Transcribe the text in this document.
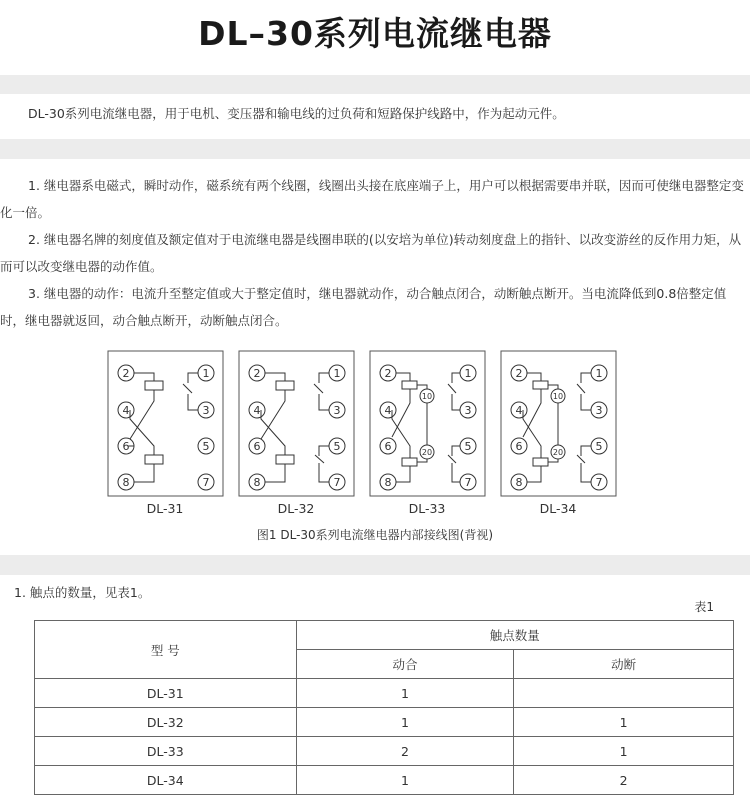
DL–30系列电流继电器
DL-30系列电流继电器，用于电机、变压器和输电线的过负荷和短路保护线路中，作为起动元件。
1. 继电器系电磁式，瞬时动作，磁系统有两个线圈，线圈出头接在底座端子上，用户可以根据需要串并联，因而可使继电器整定变化一倍。
2. 继电器名牌的刻度值及额定值对于电流继电器是线圈串联的(以安培为单位)转动刻度盘上的指针、以改变游丝的反作用力矩，从而可以改变继电器的动作值。
3. 继电器的动作：电流升至整定值或大于整定值时，继电器就动作，动合触点闭合，动断触点断开。当电流降低到0.8倍整定值时，继电器就返回，动合触点断开，动断触点闭合。
DL-31	DL-32	DL-33	DL-34
2	1
4	3
6	5
8	7
2	1
4	3
6	5
8	7
2	1
4	3
6	5
8	7
10
20
2	1
4	3
6	5
8	7
10
20
图1 DL-30系列电流继电器内部接线图(背视)
1. 触点的数量，见表1。
表1
型 号	触点数量	
	动合	动断
DL-31	1	
DL-32	1	1
DL-33	2	1
DL-34	1	2
